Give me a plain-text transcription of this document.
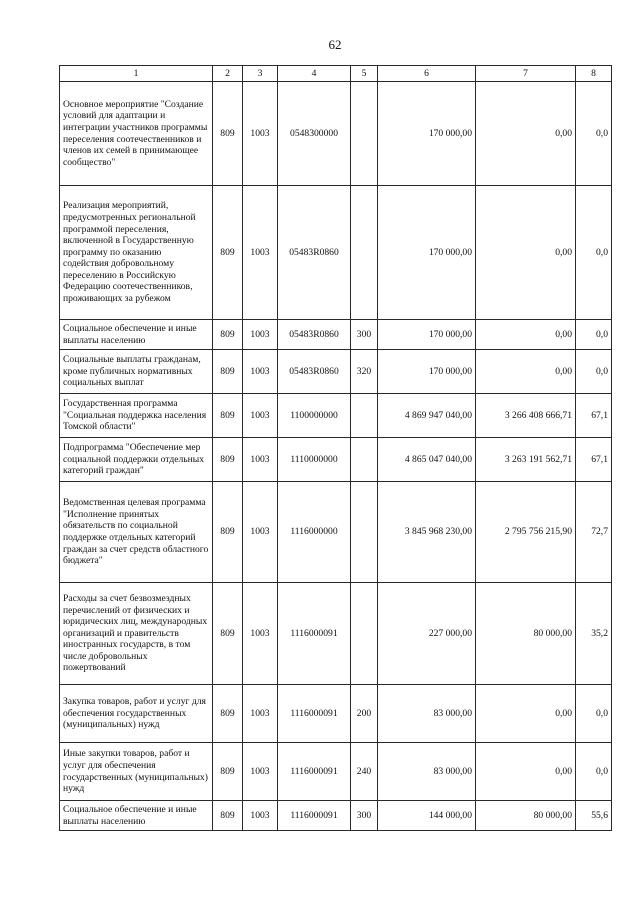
62
1	2	3	4	5	6	7	8
Основное мероприятие "Создание условий для адаптации и интеграции участников программы переселения соотечественников и членов их семей в принимающее сообщество"	809	1003	0548300000		170 000,00	0,00	0,0
Реализация мероприятий, предусмотренных региональной программой переселения, включенной в Государственную программу по оказанию содействия добровольному переселению в Российскую Федерацию соотечественников, проживающих за рубежом	809	1003	05483R0860		170 000,00	0,00	0,0
Социальное обеспечение и иные выплаты населению	809	1003	05483R0860	300	170 000,00	0,00	0,0
Социальные выплаты гражданам, кроме публичных нормативных социальных выплат	809	1003	05483R0860	320	170 000,00	0,00	0,0
Государственная программа "Социальная поддержка населения Томской области"	809	1003	1100000000		4 869 947 040,00	3 266 408 666,71	67,1
Подпрограмма "Обеспечение мер социальной поддержки отдельных категорий граждан"	809	1003	1110000000		4 865 047 040,00	3 263 191 562,71	67,1
Ведомственная целевая программа "Исполнение принятых обязательств по социальной поддержке отдельных категорий граждан за счет средств областного бюджета"	809	1003	1116000000		3 845 968 230,00	2 795 756 215,90	72,7
Расходы за счет безвозмездных перечислений от физических и юридических лиц, международных организаций и правительств иностранных государств, в том числе добровольных пожертвований	809	1003	1116000091		227 000,00	80 000,00	35,2
Закупка товаров, работ и услуг для обеспечения государственных (муниципальных) нужд	809	1003	1116000091	200	83 000,00	0,00	0,0
Иные закупки товаров, работ и услуг для обеспечения государственных (муниципальных) нужд	809	1003	1116000091	240	83 000,00	0,00	0,0
Социальное обеспечение и иные выплаты населению	809	1003	1116000091	300	144 000,00	80 000,00	55,6
